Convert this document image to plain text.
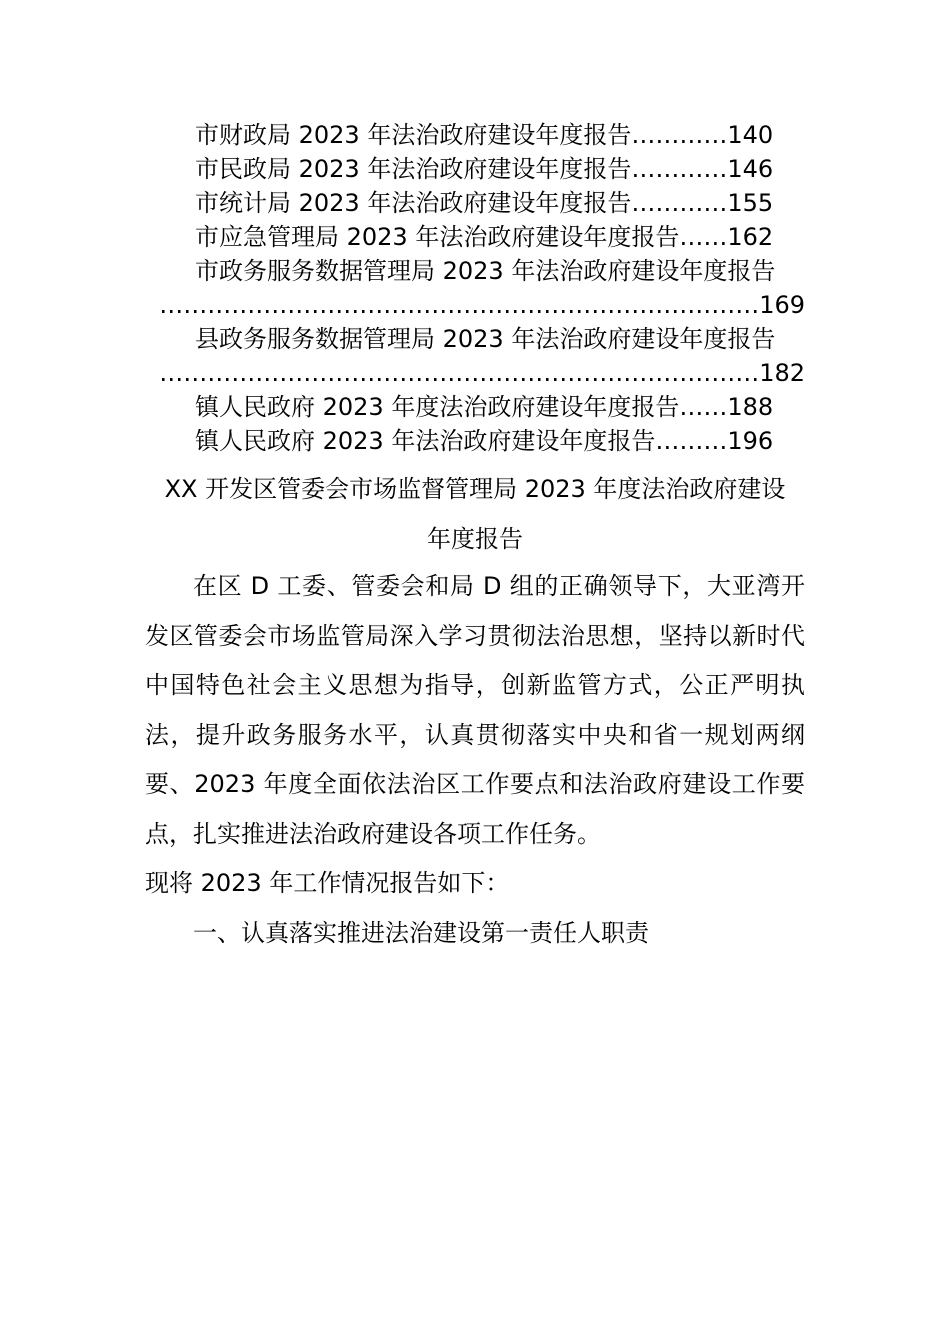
市财政局 2023 年法治政府建设年度报告…………140
市民政局 2023 年法治政府建设年度报告…………146
市统计局 2023 年法治政府建设年度报告…………155
市应急管理局 2023 年法治政府建设年度报告……162
市政务服务数据管理局 2023 年法治政府建设年度报告
…………………………………………………………………169
县政务服务数据管理局 2023 年法治政府建设年度报告
…………………………………………………………………182
镇人民政府 2023 年度法治政府建设年度报告……188
镇人民政府 2023 年法治政府建设年度报告………196
XX 开发区管委会市场监督管理局 2023 年度法治政府建设
年度报告

在区 D 工委、管委会和局 D 组的正确领导下，大亚湾开发区管委会市场监管局深入学习贯彻法治思想，坚持以新时代中国特色社会主义思想为指导，创新监管方式，公正严明执法，提升政务服务水平，认真贯彻落实中央和省一规划两纲要、2023 年度全面依法治区工作要点和法治政府建设工作要点，扎实推进法治政府建设各项工作任务。

现将 2023 年工作情况报告如下：

一、认真落实推进法治建设第一责任人职责
